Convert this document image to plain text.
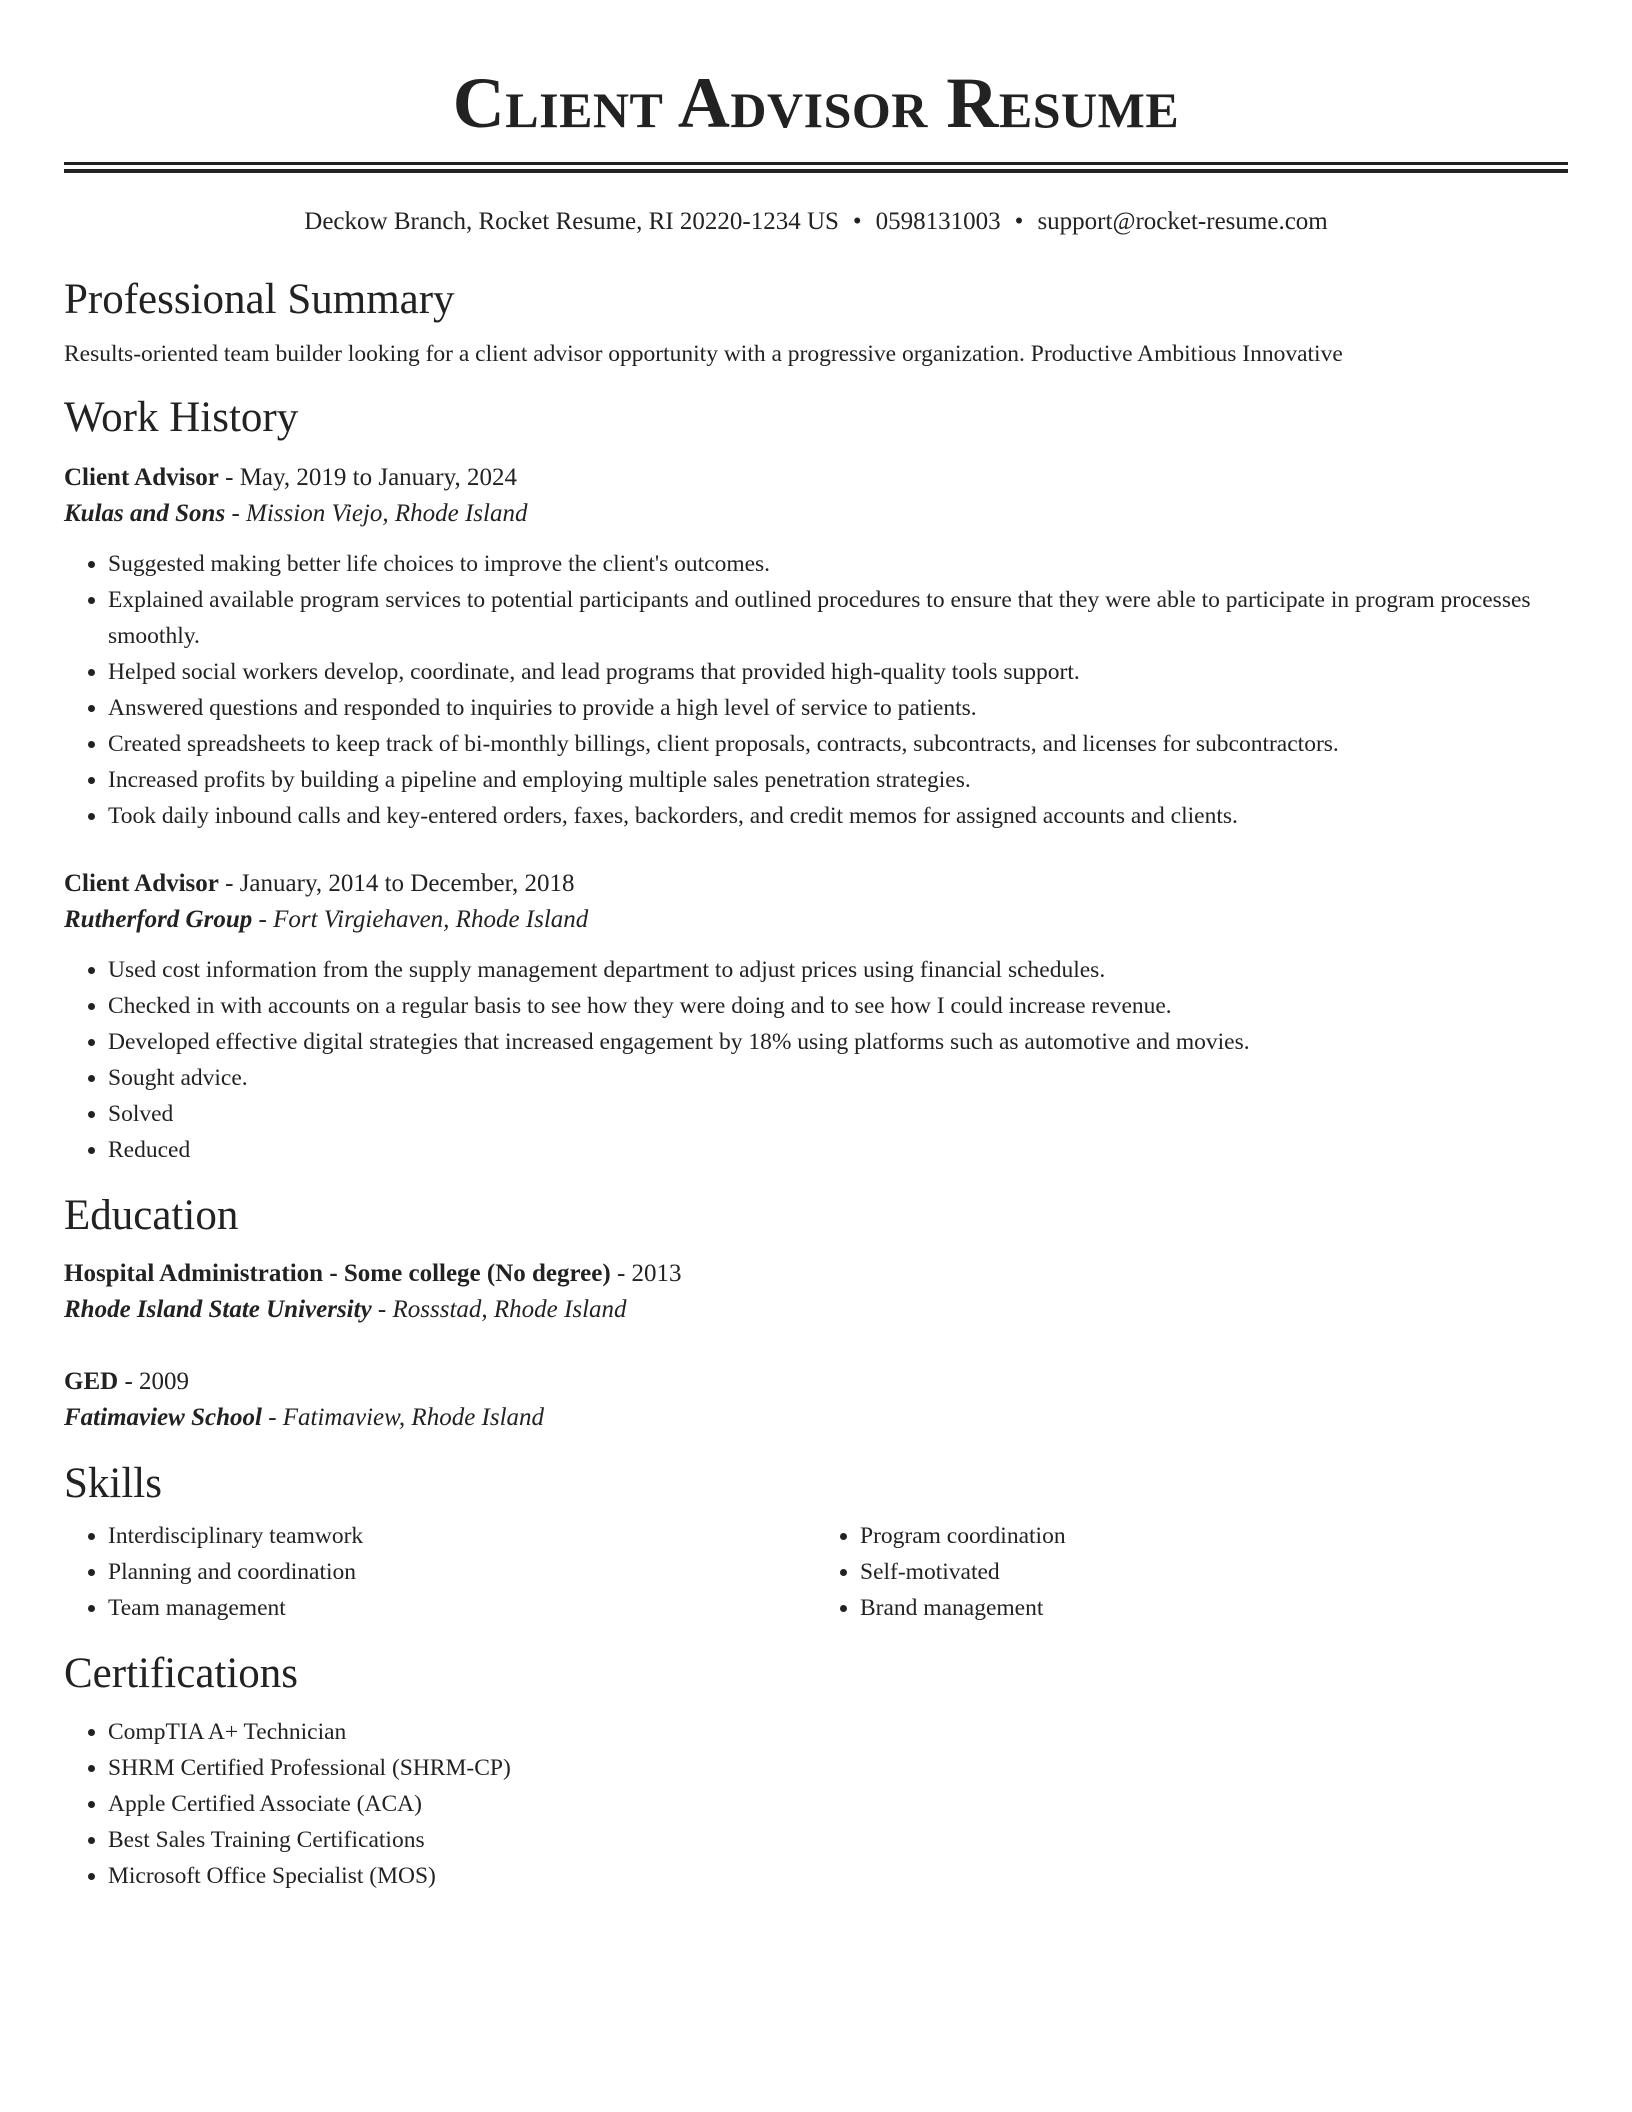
Client Advisor Resume
Deckow Branch, Rocket Resume, RI 20220-1234 US • 0598131003 • support@rocket-resume.com
Professional Summary

Results-oriented team builder looking for a client advisor opportunity with a progressive organization. Productive Ambitious Innovative

Work History

Client Advisor - May, 2019 to January, 2024

Kulas and Sons - Mission Viejo, Rhode Island

• Suggested making better life choices to improve the client's outcomes.
• Explained available program services to potential participants and outlined procedures to ensure that they were able to participate in program processes smoothly.
• Helped social workers develop, coordinate, and lead programs that provided high-quality tools support.
• Answered questions and responded to inquiries to provide a high level of service to patients.
• Created spreadsheets to keep track of bi-monthly billings, client proposals, contracts, subcontracts, and licenses for subcontractors.
• Increased profits by building a pipeline and employing multiple sales penetration strategies.
• Took daily inbound calls and key-entered orders, faxes, backorders, and credit memos for assigned accounts and clients.

Client Advisor - January, 2014 to December, 2018

Rutherford Group - Fort Virgiehaven, Rhode Island

• Used cost information from the supply management department to adjust prices using financial schedules.
• Checked in with accounts on a regular basis to see how they were doing and to see how I could increase revenue.
• Developed effective digital strategies that increased engagement by 18% using platforms such as automotive and movies.
• Sought advice.
• Solved
• Reduced
Education

Hospital Administration - Some college (No degree) - 2013

Rhode Island State University - Rossstad, Rhode Island

GED - 2009

Fatimaview School - Fatimaview, Rhode Island

Skills
• Interdisciplinary teamwork
• Planning and coordination
• Team management
• Program coordination
• Self-motivated
• Brand management
Certifications
• CompTIA A+ Technician
• SHRM Certified Professional (SHRM-CP)
• Apple Certified Associate (ACA)
• Best Sales Training Certifications
• Microsoft Office Specialist (MOS)
